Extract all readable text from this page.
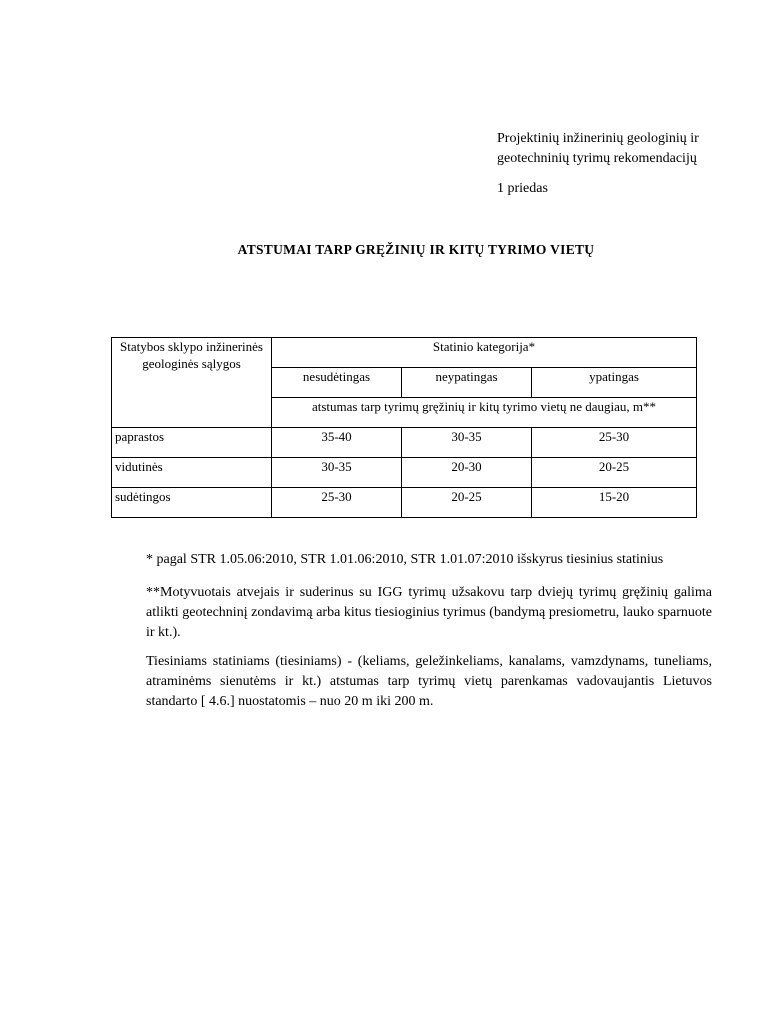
Projektinių inžinerinių geologinių ir
geotechninių tyrimų rekomendacijų
1 priedas
ATSTUMAI TARP GRĘŽINIŲ IR KITŲ TYRIMO VIETŲ
Statybos sklypo inžinerinės geologinės sąlygos	Statinio kategorija*		
	nesudėtingas	neypatingas	ypatingas
	atstumas tarp tyrimų gręžinių ir kitų tyrimo vietų ne daugiau, m**		
paprastos	35-40	30-35	25-30
vidutinės	30-35	20-30	20-25
sudėtingos	25-30	20-25	15-20
* pagal STR 1.05.06:2010, STR 1.01.06:2010, STR 1.01.07:2010 išskyrus tiesinius statinius
**Motyvuotais atvejais ir suderinus su IGG tyrimų užsakovu tarp dviejų tyrimų gręžinių galima atlikti geotechninį zondavimą arba kitus tiesioginius tyrimus (bandymą presiometru, lauko sparnuote ir kt.).
Tiesiniams statiniams (tiesiniams) - (keliams, geležinkeliams, kanalams, vamzdynams, tuneliams, atraminėms sienutėms ir kt.) atstumas tarp tyrimų vietų parenkamas vadovaujantis Lietuvos standarto [ 4.6.] nuostatomis – nuo 20 m iki 200 m.
